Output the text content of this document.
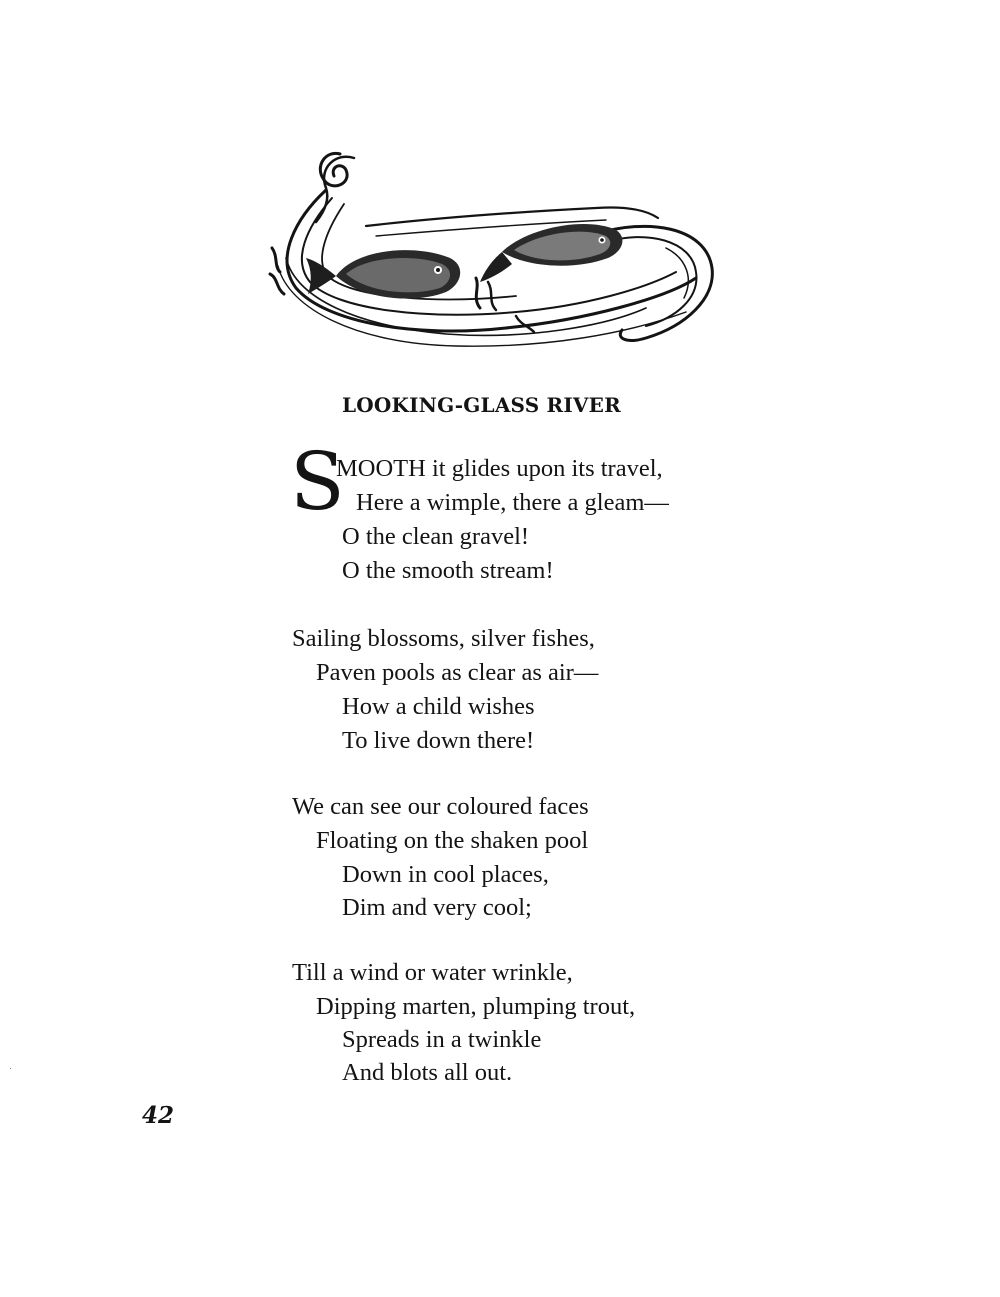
LOOKING-GLASS RIVER
S
MOOTH it glides upon its travel,
Here a wimple, there a gleam—
O the clean gravel!
O the smooth stream!
Sailing blossoms, silver fishes,
Paven pools as clear as air—
How a child wishes
To live down there!
We can see our coloured faces
Floating on the shaken pool
Down in cool places,
Dim and very cool;
Till a wind or water wrinkle,
Dipping marten, plumping trout,
Spreads in a twinkle
And blots all out.
42
